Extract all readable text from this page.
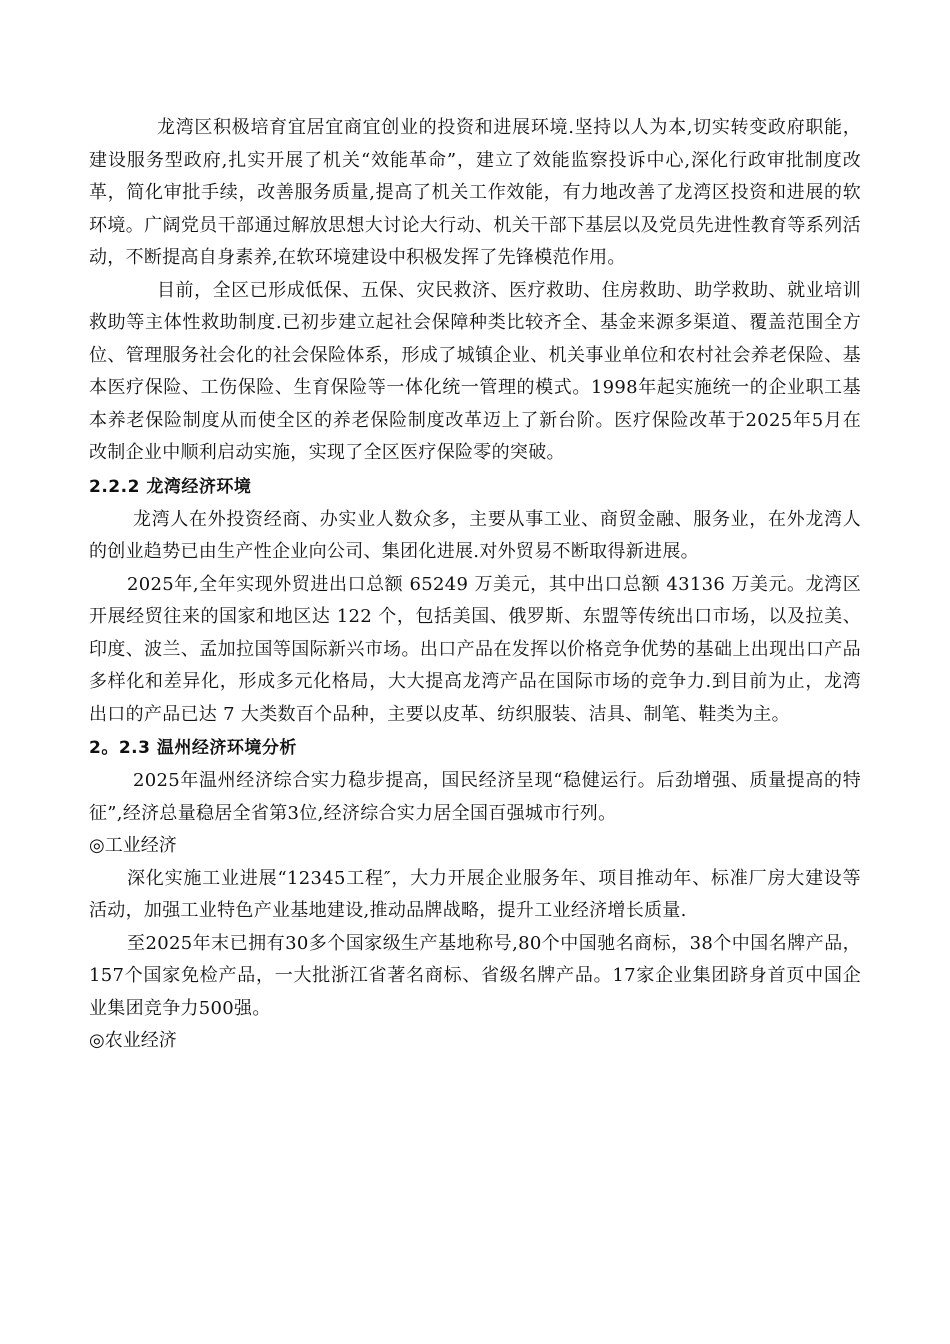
龙湾区积极培育宜居宜商宜创业的投资和进展环境.坚持以人为本,切实转变政府职能，建设服务型政府,扎实开展了机关“效能革命”，建立了效能监察投诉中心,深化行政审批制度改革，简化审批手续，改善服务质量,提高了机关工作效能，有力地改善了龙湾区投资和进展的软环境。广阔党员干部通过解放思想大讨论大行动、机关干部下基层以及党员先进性教育等系列活动，不断提高自身素养,在软环境建设中积极发挥了先锋模范作用。

目前，全区已形成低保、五保、灾民救济、医疗救助、住房救助、助学救助、就业培训救助等主体性救助制度.已初步建立起社会保障种类比较齐全、基金来源多渠道、覆盖范围全方位、管理服务社会化的社会保险体系，形成了城镇企业、机关事业单位和农村社会养老保险、基本医疗保险、工伤保险、生育保险等一体化统一管理的模式。1998年起实施统一的企业职工基本养老保险制度从而使全区的养老保险制度改革迈上了新台阶。医疗保险改革于2025年5月在改制企业中顺利启动实施，实现了全区医疗保险零的突破。

2.2.2 龙湾经济环境

龙湾人在外投资经商、办实业人数众多，主要从事工业、商贸金融、服务业，在外龙湾人的创业趋势已由生产性企业向公司、集团化进展.对外贸易不断取得新进展。

2025年,全年实现外贸进出口总额 65249 万美元，其中出口总额 43136 万美元。龙湾区开展经贸往来的国家和地区达 122 个，包括美国、俄罗斯、东盟等传统出口市场，以及拉美、印度、波兰、孟加拉国等国际新兴市场。出口产品在发挥以价格竞争优势的基础上出现出口产品多样化和差异化，形成多元化格局，大大提高龙湾产品在国际市场的竞争力.到目前为止，龙湾出口的产品已达 7 大类数百个品种，主要以皮革、纺织服装、洁具、制笔、鞋类为主。

2。2.3 温州经济环境分析

2025年温州经济综合实力稳步提高，国民经济呈现“稳健运行。后劲增强、质量提高的特征”,经济总量稳居全省第3位,经济综合实力居全国百强城市行列。

◎工业经济

深化实施工业进展“12345工程″，大力开展企业服务年、项目推动年、标准厂房大建设等活动，加强工业特色产业基地建设,推动品牌战略，提升工业经济增长质量.

至2025年末已拥有30多个国家级生产基地称号,80个中国驰名商标，38个中国名牌产品，157个国家免检产品，一大批浙江省著名商标、省级名牌产品。17家企业集团跻身首页中国企业集团竞争力500强。

◎农业经济
